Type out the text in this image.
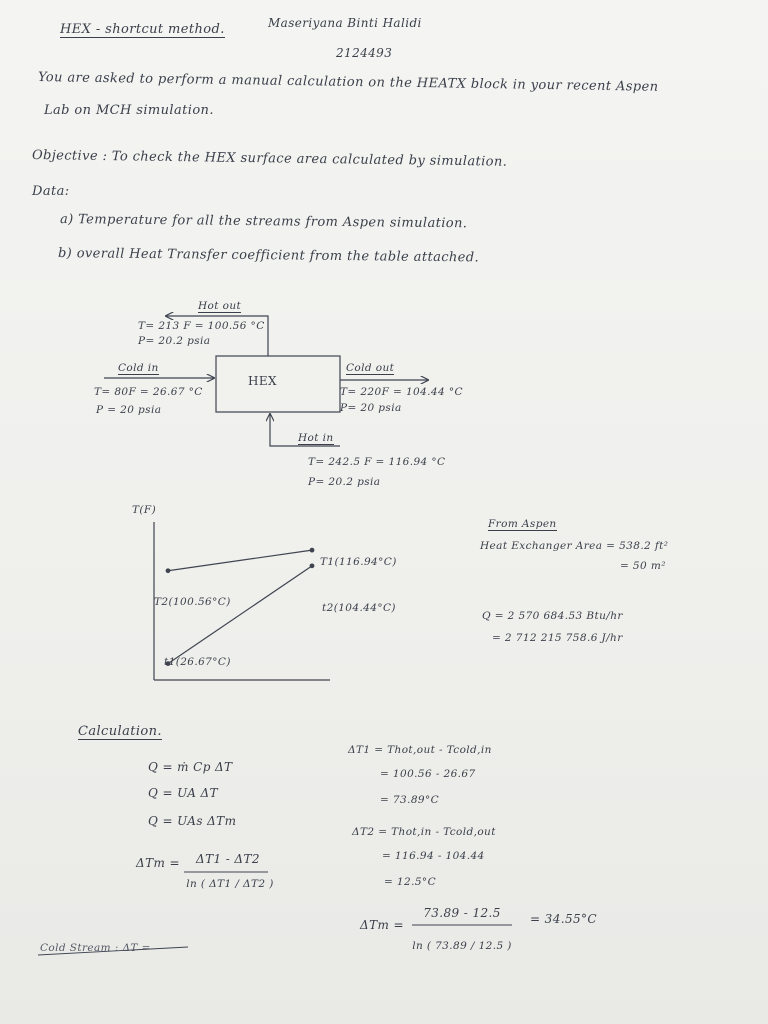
HEX - shortcut method.	Maseriyana Binti Halidi
2124493
You are asked to perform a manual calculation on the HEATX block in your recent Aspen
Lab on MCH simulation.
Objective : To check the HEX surface area calculated by simulation.
Data:
a) Temperature for all the streams from Aspen simulation.
b) overall Heat Transfer coefficient from the table attached.
Hot out
T= 213 F = 100.56 °C
P= 20.2 psia
Cold in
T= 80F = 26.67 °C
P = 20 psia
HEX
Cold out
T= 220F = 104.44 °C
P= 20 psia
Hot in
T= 242.5 F = 116.94 °C
P= 20.2 psia
T(F)
T1(116.94°C)
T2(100.56°C)	t2(104.44°C)
t1(26.67°C)
From Aspen
Heat Exchanger Area = 538.2 ft²
= 50 m²
Q = 2 570 684.53 Btu/hr
= 2 712 215 758.6 J/hr
Calculation.
Q = ṁ Cp ΔT
Q = UA ΔT
Q = UAs ΔTm
ΔTm =	ΔT1 - ΔT2
ln ( ΔT1 / ΔT2 )
Cold Stream : ΔT =
ΔT1 = Thot,out - Tcold,in
= 100.56 - 26.67
= 73.89°C
ΔT2 = Thot,in - Tcold,out
= 116.94 - 104.44
= 12.5°C
ΔTm =
73.89 - 12.5
ln ( 73.89 / 12.5 )
= 34.55°C
